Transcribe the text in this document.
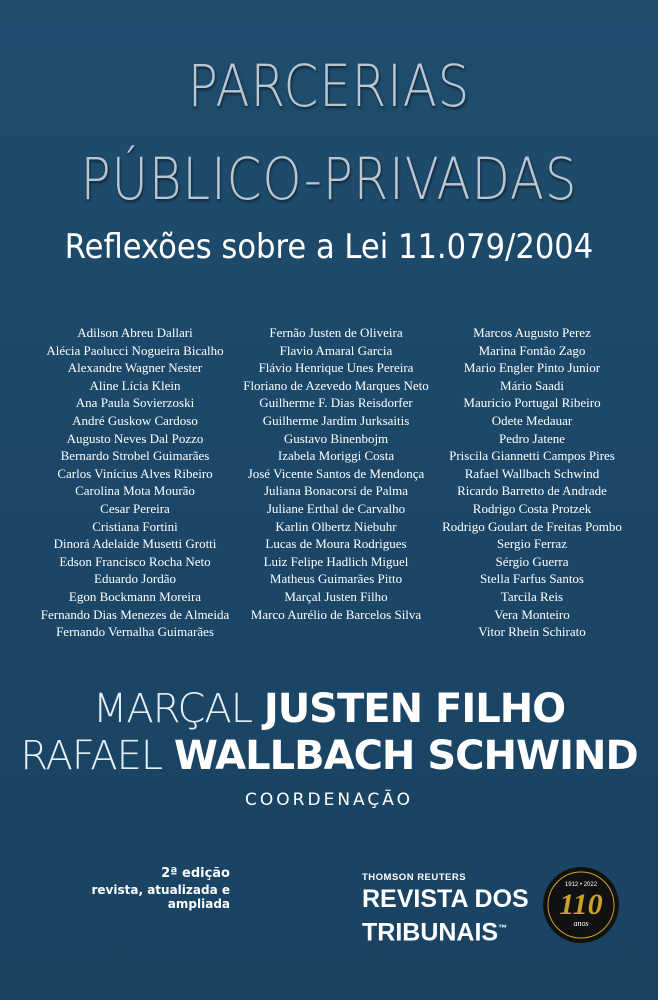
PARCERIAS
PÚBLICO-PRIVADAS
Reflexões sobre a Lei 11.079/2004
Adilson Abreu Dallari
Alécia Paolucci Nogueira Bicalho
Alexandre Wagner Nester
Aline Lícia Klein
Ana Paula Sovierzoski
André Guskow Cardoso
Augusto Neves Dal Pozzo
Bernardo Strobel Guimarães
Carlos Vinícius Alves Ribeiro
Carolina Mota Mourão
Cesar Pereira
Cristiana Fortini
Dinorá Adelaide Musetti Grotti
Edson Francisco Rocha Neto
Eduardo Jordão
Egon Bockmann Moreira
Fernando Dias Menezes de Almeida
Fernando Vernalha Guimarães
Fernão Justen de Oliveira
Flavio Amaral Garcia
Flávio Henrique Unes Pereira
Floriano de Azevedo Marques Neto
Guilherme F. Dias Reisdorfer
Guilherme Jardim Jurksaitis
Gustavo Binenbojm
Izabela Moriggi Costa
José Vicente Santos de Mendonça
Juliana Bonacorsi de Palma
Juliane Erthal de Carvalho
Karlin Olbertz Niebuhr
Lucas de Moura Rodrigues
Luiz Felipe Hadlich Miguel
Matheus Guimarães Pitto
Marçal Justen Filho
Marco Aurélio de Barcelos Silva
Marcos Augusto Perez
Marina Fontão Zago
Mario Engler Pinto Junior
Mário Saadi
Mauricio Portugal Ribeiro
Odete Medauar
Pedro Jatene
Priscila Giannetti Campos Pires
Rafael Wallbach Schwind
Ricardo Barretto de Andrade
Rodrigo Costa Protzek
Rodrigo Goulart de Freitas Pombo
Sergio Ferraz
Sérgio Guerra
Stella Farfus Santos
Tarcila Reis
Vera Monteiro
Vitor Rhein Schirato
MARÇAL JUSTEN FILHO
RAFAEL WALLBACH SCHWIND
COORDENAÇÃO
2ª edição
revista, atualizada e ampliada
THOMSON REUTERS
REVISTA DOS
TRIBUNAIS™
1912 • 2022
110
anos
